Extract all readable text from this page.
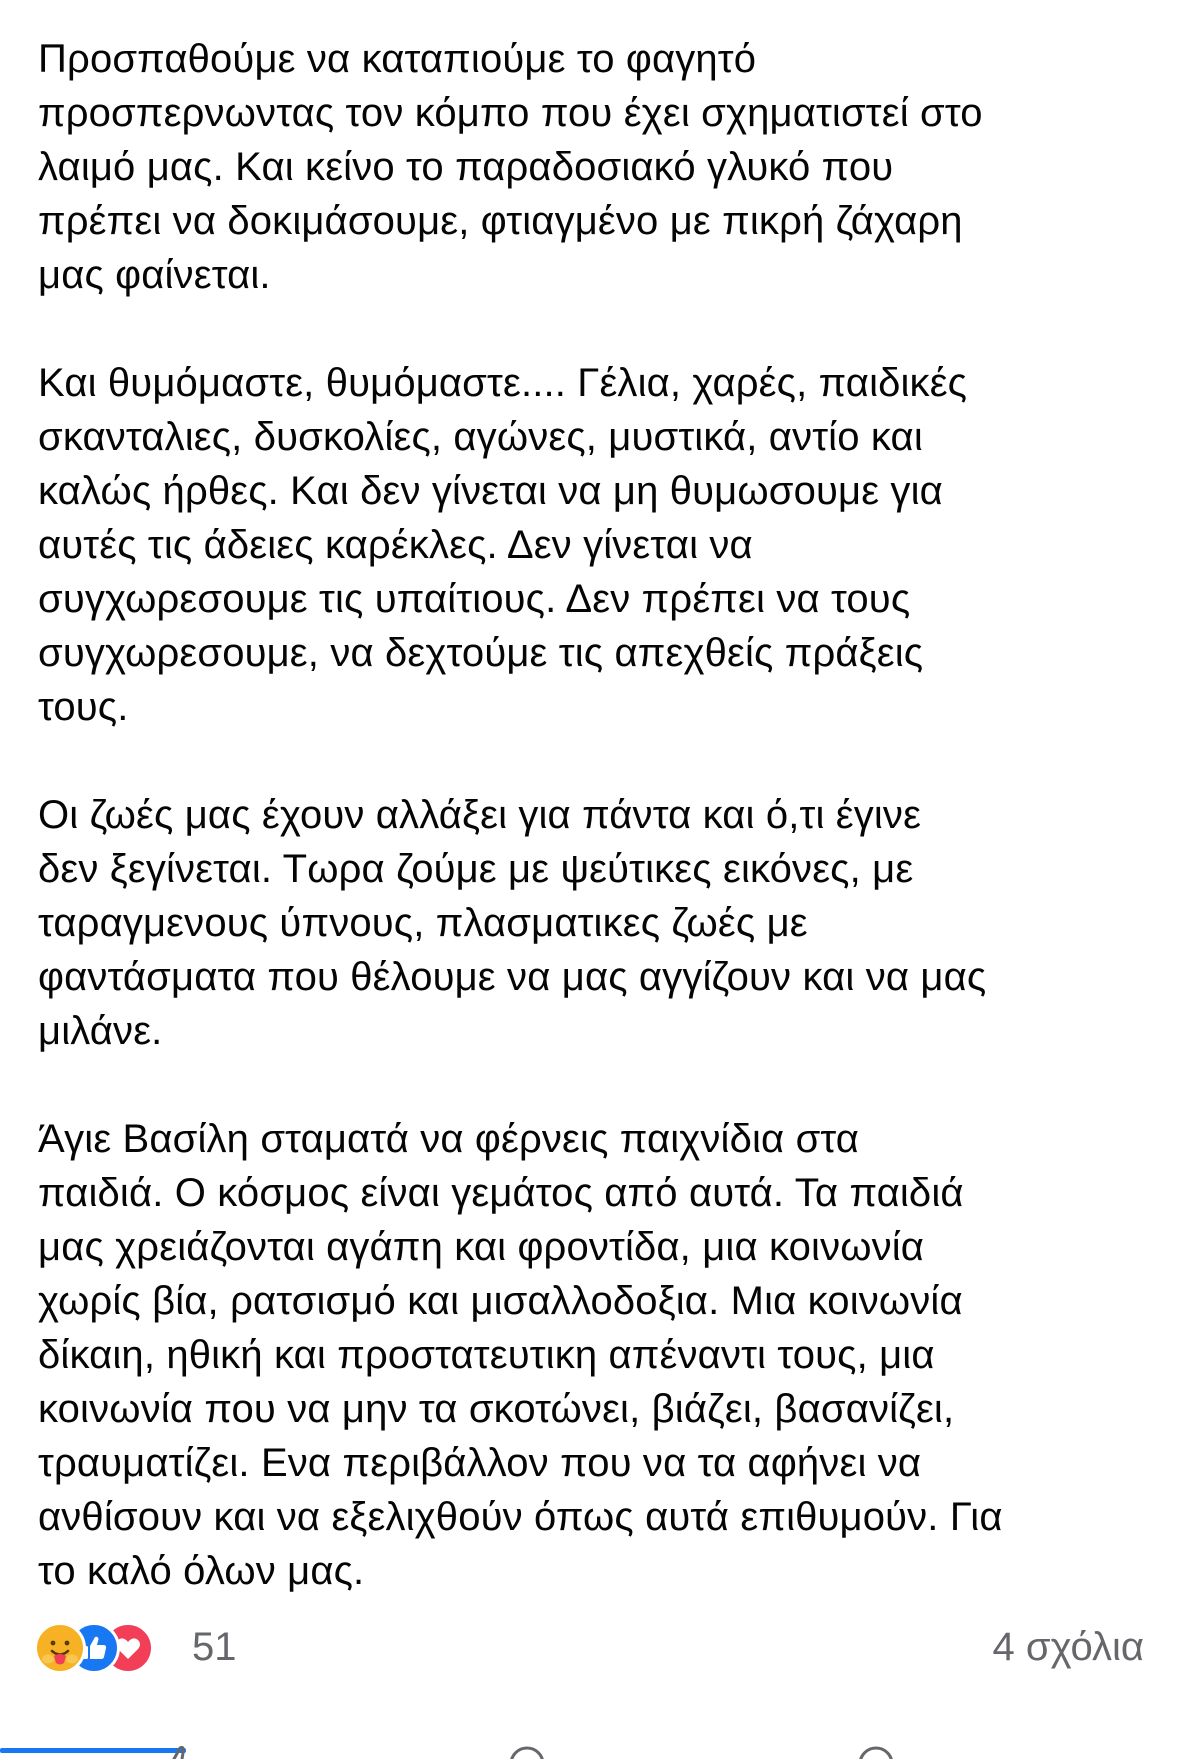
Προσπαθούμε να καταπιούμε το φαγητό
προσπερνωντας τον κόμπο που έχει σχηματιστεί στο
λαιμό μας. Και κείνο το παραδοσιακό γλυκό που
πρέπει να δοκιμάσουμε, φτιαγμένο με πικρή ζάχαρη
μας φαίνεται.

Και θυμόμαστε, θυμόμαστε.... Γέλια, χαρές, παιδικές
σκανταλιες, δυσκολίες, αγώνες, μυστικά, αντίο και
καλώς ήρθες. Και δεν γίνεται να μη θυμωσουμε για
αυτές τις άδειες καρέκλες. Δεν γίνεται να
συγχωρεσουμε τις υπαίτιους. Δεν πρέπει να τους
συγχωρεσουμε, να δεχτούμε τις απεχθείς πράξεις
τους.

Οι ζωές μας έχουν αλλάξει για πάντα και ό,τι έγινε
δεν ξεγίνεται. Τωρα ζούμε με ψεύτικες εικόνες, με
ταραγμενους ύπνους, πλασματικες ζωές με
φαντάσματα που θέλουμε να μας αγγίζουν και να μας
μιλάνε.

Άγιε Βασίλη σταματά να φέρνεις παιχνίδια στα
παιδιά. Ο κόσμος είναι γεμάτος από αυτά. Τα παιδιά
μας χρειάζονται αγάπη και φροντίδα, μια κοινωνία
χωρίς βία, ρατσισμό και μισαλλοδοξια. Μια κοινωνία
δίκαιη, ηθική και προστατευτικη απέναντι τους, μια
κοινωνία που να μην τα σκοτώνει, βιάζει, βασανίζει,
τραυματίζει. Ενα περιβάλλον που να τα αφήνει να
ανθίσουν και να εξελιχθούν όπως αυτά επιθυμούν. Για
το καλό όλων μας.

51	4 σχόλια
